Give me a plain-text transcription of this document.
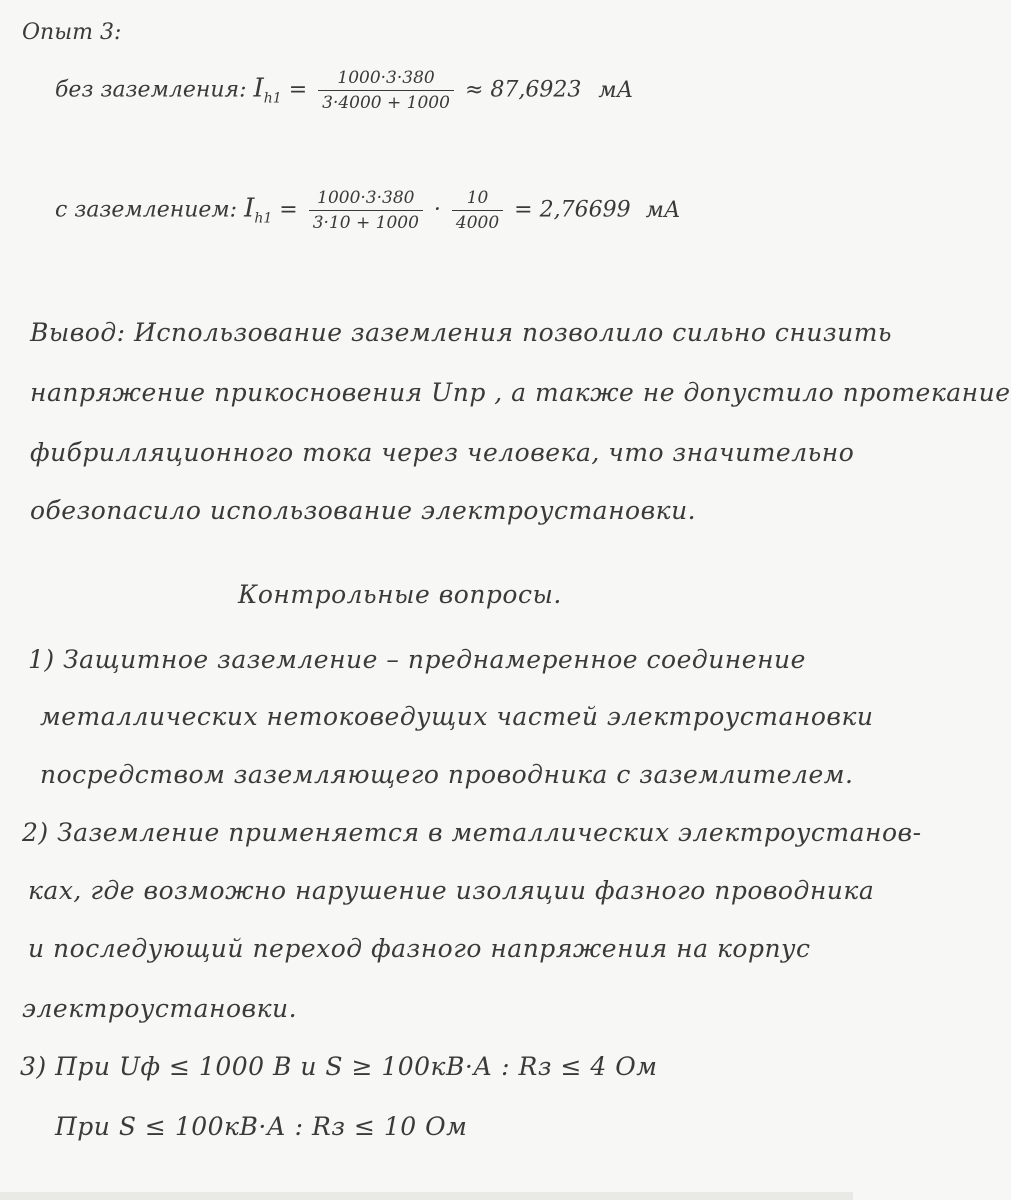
Опыт 3:
без заземления: $I_{h1} = \frac{1000\cdot 3\cdot 380}{3\cdot 4000 + 1000} \approx 87,6923$ мА
с заземлением: $I_{h1} = \frac{1000\cdot 3\cdot 380}{3\cdot 10 + 1000} \cdot \frac{10}{4000} = 2,76699$ мА
Вывод: Использование заземления позволило сильно снизить
напряжение прикосновения Uпр , а также не допустило протекание
фибрилляционного тока через человека, что значительно
обезопасило использование электроустановки.
Контрольные вопросы.
1) Защитное заземление – преднамеренное соединение
металлических нетоковедущих частей электроустановки
посредством заземляющего проводника с заземлителем.
2) Заземление применяется в металлических электроустанов-
ках, где возможно нарушение изоляции фазного проводника
и последующий переход фазного напряжения на корпус
электроустановки.
3) При Uф ≤ 1000 В и S ≥ 100кВ·А : Rз ≤ 4 Ом
При S ≤ 100кВ·А : Rз ≤ 10 Ом
